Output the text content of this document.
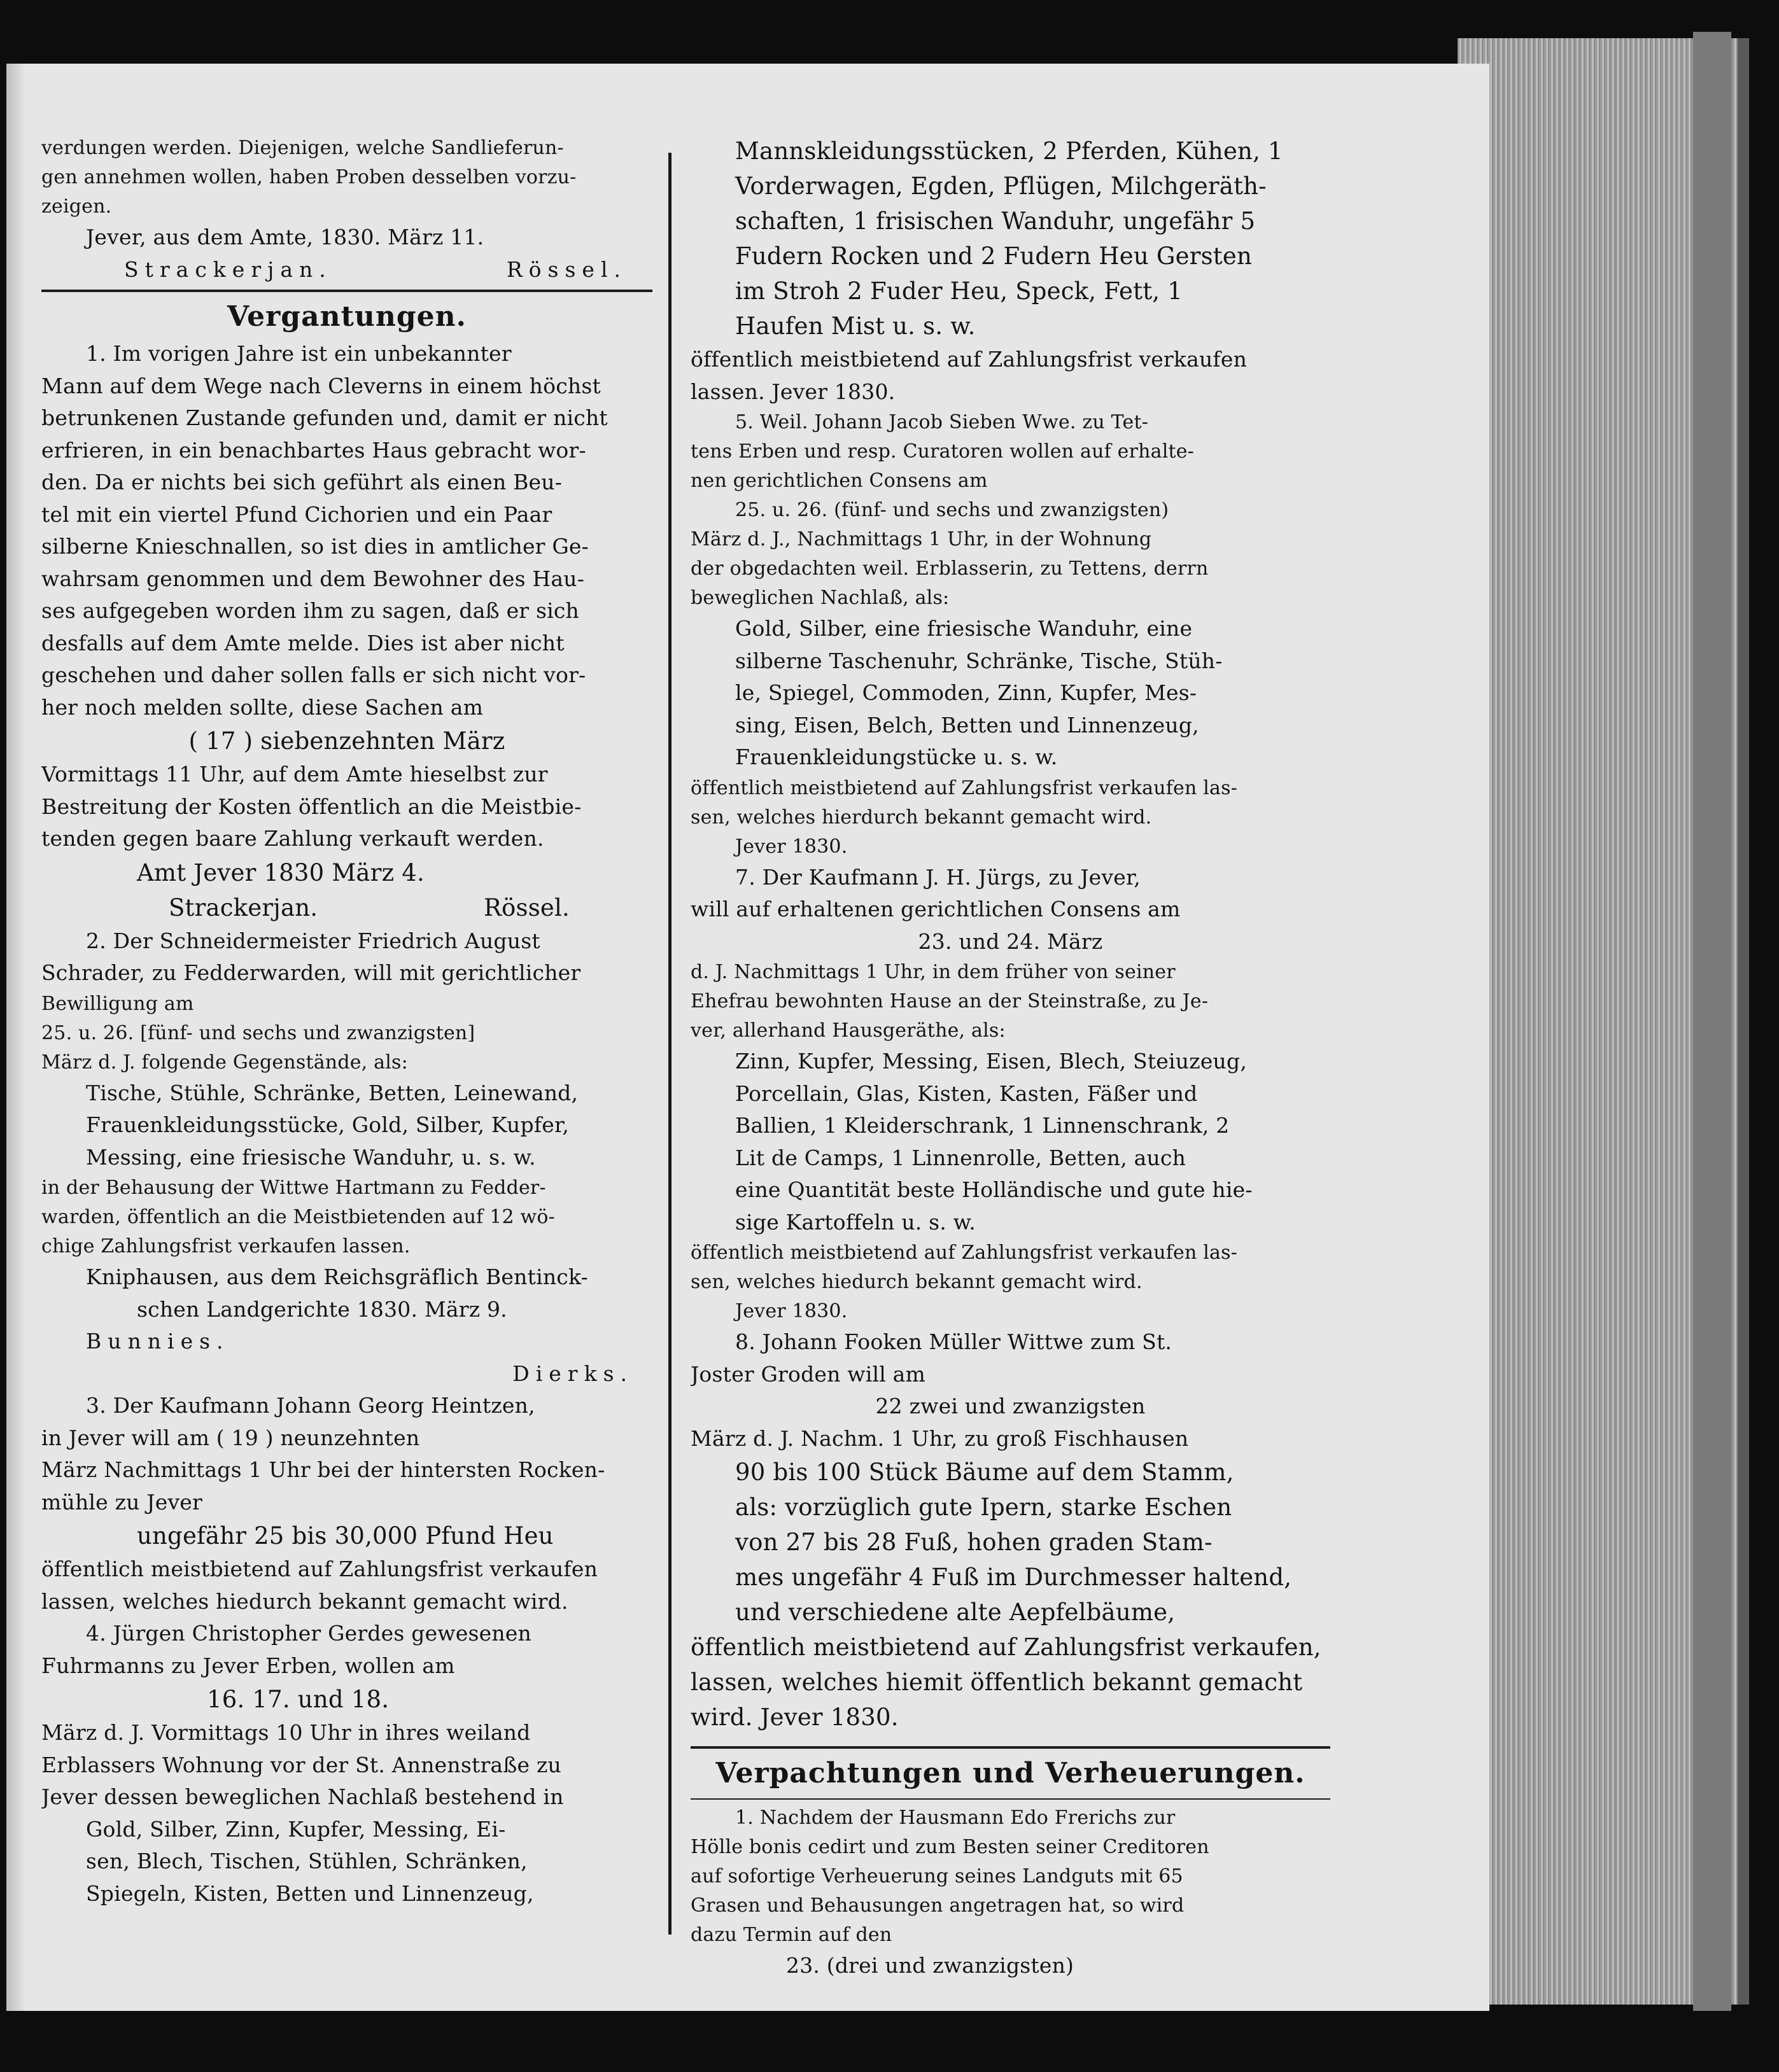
verdungen werden. Diejenigen, welche Sandlieferun-
gen annehmen wollen, haben Proben desselben vorzu-
zeigen.
Jever, aus dem Amte, 1830. März 11.
Strackerjan.	Rössel.
Vergantungen.
1. Im vorigen Jahre ist ein unbekannter
Mann auf dem Wege nach Cleverns in einem höchst
betrunkenen Zustande gefunden und, damit er nicht
erfrieren, in ein benachbartes Haus gebracht wor-
den. Da er nichts bei sich geführt als einen Beu-
tel mit ein viertel Pfund Cichorien und ein Paar
silberne Knieschnallen, so ist dies in amtlicher Ge-
wahrsam genommen und dem Bewohner des Hau-
ses aufgegeben worden ihm zu sagen, daß er sich
desfalls auf dem Amte melde. Dies ist aber nicht
geschehen und daher sollen falls er sich nicht vor-
her noch melden sollte, diese Sachen am
( 17 ) siebenzehnten März
Vormittags 11 Uhr, auf dem Amte hieselbst zur
Bestreitung der Kosten öffentlich an die Meistbie-
tenden gegen baare Zahlung verkauft werden.
Amt Jever 1830 März 4.
Strackerjan.	Rössel.
2. Der Schneidermeister Friedrich August
Schrader, zu Fedderwarden, will mit gerichtlicher
Bewilligung am
25. u. 26. [fünf- und sechs und zwanzigsten]
März d. J. folgende Gegenstände, als:
Tische, Stühle, Schränke, Betten, Leinewand,
Frauenkleidungsstücke, Gold, Silber, Kupfer,
Messing, eine friesische Wanduhr, u. s. w.
in der Behausung der Wittwe Hartmann zu Fedder-
warden, öffentlich an die Meistbietenden auf 12 wö-
chige Zahlungsfrist verkaufen lassen.
Kniphausen, aus dem Reichsgräflich Bentinck-
schen Landgerichte 1830. März 9.
Bunnies.
Dierks.
3. Der Kaufmann Johann Georg Heintzen,
in Jever will am ( 19 ) neunzehnten
März Nachmittags 1 Uhr bei der hintersten Rocken-
mühle zu Jever
ungefähr 25 bis 30,000 Pfund Heu
öffentlich meistbietend auf Zahlungsfrist verkaufen
lassen, welches hiedurch bekannt gemacht wird.
4. Jürgen Christopher Gerdes gewesenen
Fuhrmanns zu Jever Erben, wollen am
16. 17. und 18.
März d. J. Vormittags 10 Uhr in ihres weiland
Erblassers Wohnung vor der St. Annenstraße zu
Jever dessen beweglichen Nachlaß bestehend in
Gold, Silber, Zinn, Kupfer, Messing, Ei-
sen, Blech, Tischen, Stühlen, Schränken,
Spiegeln, Kisten, Betten und Linnenzeug,
Mannskleidungsstücken, 2 Pferden, Kühen, 1
Vorderwagen, Egden, Pflügen, Milchgeräth-
schaften, 1 frisischen Wanduhr, ungefähr 5
Fudern Rocken und 2 Fudern Heu Gersten
im Stroh 2 Fuder Heu, Speck, Fett, 1
Haufen Mist u. s. w.
öffentlich meistbietend auf Zahlungsfrist verkaufen
lassen. Jever 1830.
5. Weil. Johann Jacob Sieben Wwe. zu Tet-
tens Erben und resp. Curatoren wollen auf erhalte-
nen gerichtlichen Consens am
25. u. 26. (fünf- und sechs und zwanzigsten)
März d. J., Nachmittags 1 Uhr, in der Wohnung
der obgedachten weil. Erblasserin, zu Tettens, derrn
beweglichen Nachlaß, als:
Gold, Silber, eine friesische Wanduhr, eine
silberne Taschenuhr, Schränke, Tische, Stüh-
le, Spiegel, Commoden, Zinn, Kupfer, Mes-
sing, Eisen, Belch, Betten und Linnenzeug,
Frauenkleidungstücke u. s. w.
öffentlich meistbietend auf Zahlungsfrist verkaufen las-
sen, welches hierdurch bekannt gemacht wird.
Jever 1830.
7. Der Kaufmann J. H. Jürgs, zu Jever,
will auf erhaltenen gerichtlichen Consens am
23. und 24. März
d. J. Nachmittags 1 Uhr, in dem früher von seiner
Ehefrau bewohnten Hause an der Steinstraße, zu Je-
ver, allerhand Hausgeräthe, als:
Zinn, Kupfer, Messing, Eisen, Blech, Steiuzeug,
Porcellain, Glas, Kisten, Kasten, Fäßer und
Ballien, 1 Kleiderschrank, 1 Linnenschrank, 2
Lit de Camps, 1 Linnenrolle, Betten, auch
eine Quantität beste Holländische und gute hie-
sige Kartoffeln u. s. w.
öffentlich meistbietend auf Zahlungsfrist verkaufen las-
sen, welches hiedurch bekannt gemacht wird.
Jever 1830.
8. Johann Fooken Müller Wittwe zum St.
Joster Groden will am
22 zwei und zwanzigsten
März d. J. Nachm. 1 Uhr, zu groß Fischhausen
90 bis 100 Stück Bäume auf dem Stamm,
als: vorzüglich gute Ipern, starke Eschen
von 27 bis 28 Fuß, hohen graden Stam-
mes ungefähr 4 Fuß im Durchmesser haltend,
und verschiedene alte Aepfelbäume,
öffentlich meistbietend auf Zahlungsfrist verkaufen,
lassen, welches hiemit öffentlich bekannt gemacht
wird. Jever 1830.
Verpachtungen und Verheuerungen.
1. Nachdem der Hausmann Edo Frerichs zur
Hölle bonis cedirt und zum Besten seiner Creditoren
auf sofortige Verheuerung seines Landguts mit 65
Grasen und Behausungen angetragen hat, so wird
dazu Termin auf den
23. (drei und zwanzigsten)
